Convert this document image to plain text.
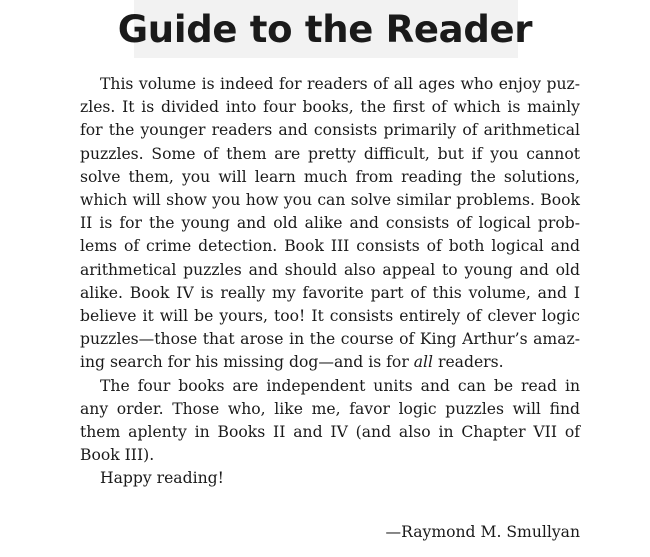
Guide to the Reader

This volume is indeed for readers of all ages who enjoy puzzles. It is divided into four books, the first of which is mainly for the younger readers and consists primarily of arithmetical puzzles. Some of them are pretty difficult, but if you cannot solve them, you will learn much from reading the solutions, which will show you how you can solve similar problems. Book II is for the young and old alike and consists of logical problems of crime detection. Book III consists of both logical and arithmetical puzzles and should also appeal to young and old alike. Book IV is really my favorite part of this volume, and I believe it will be yours, too! It consists entirely of clever logic puzzles—those that arose in the course of King Arthur’s amazing search for his missing dog—and is for all readers.

The four books are independent units and can be read in any order. Those who, like me, favor logic puzzles will find them aplenty in Books II and IV (and also in Chapter VII of Book III).

Happy reading!

—Raymond M. Smullyan
